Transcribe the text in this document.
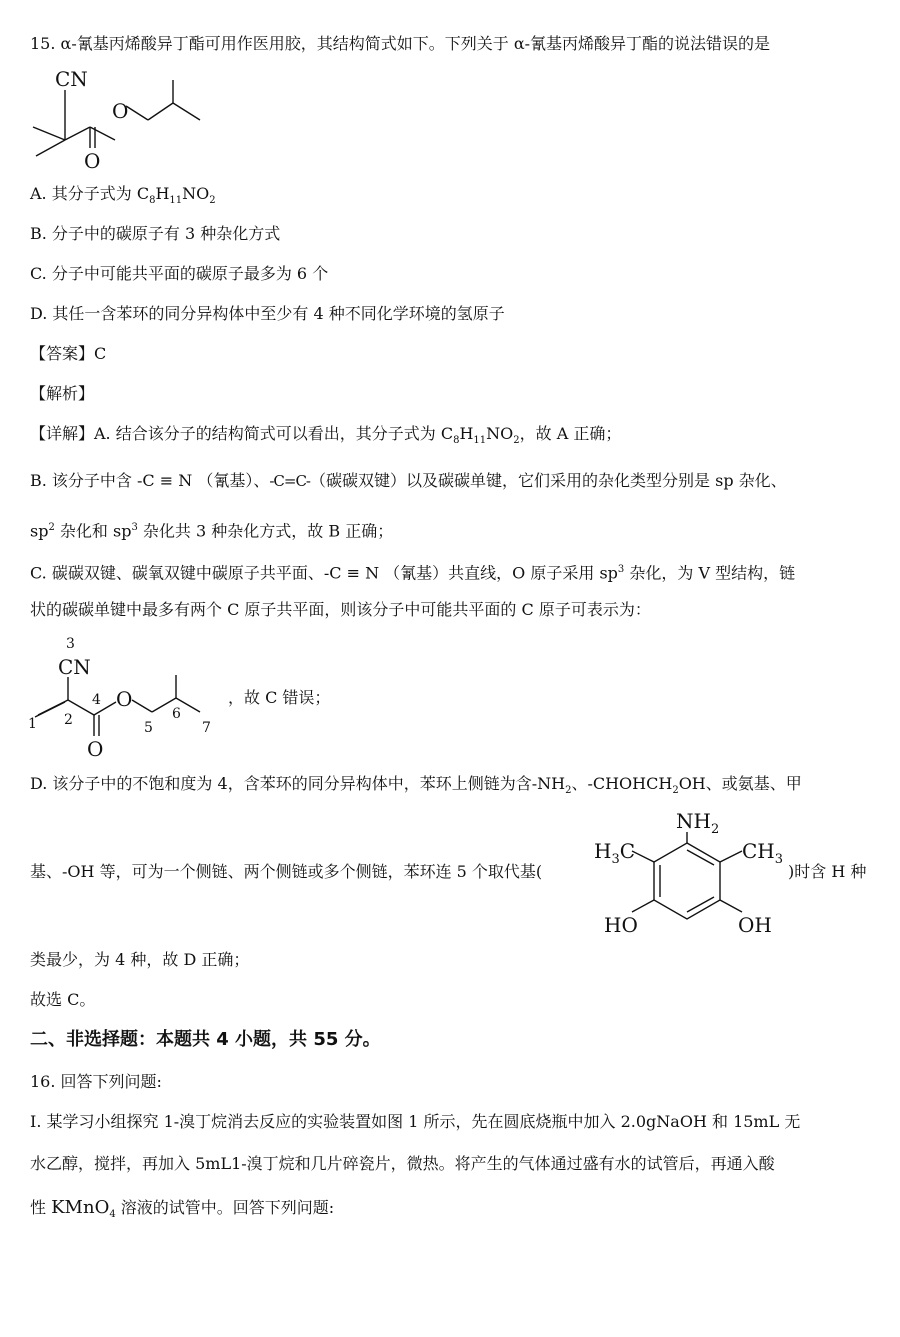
15. α-氰基丙烯酸异丁酯可用作医用胶，其结构简式如下。下列关于 α-氰基丙烯酸异丁酯的说法错误的是
CN
O
O
A. 其分子式为 $C_8H_{11}NO_2$
B. 分子中的碳原子有 3 种杂化方式
C. 分子中可能共平面的碳原子最多为 6 个
D. 其任一含苯环的同分异构体中至少有 4 种不同化学环境的氢原子
【答案】C
【解析】
【详解】A. 结合该分子的结构简式可以看出，其分子式为 $C_8H_{11}NO_2$，故 A 正确；
B. 该分子中含 -C ≡ N （氰基）、-C=C-（碳碳双键）以及碳碳单键，它们采用的杂化类型分别是 sp 杂化、
$sp^2$ 杂化和 $sp^3$ 杂化共 3 种杂化方式，故 B 正确；
C. 碳碳双键、碳氧双键中碳原子共平面、-C ≡ N （氰基）共直线，O 原子采用 $sp^3$ 杂化，为 V 型结构，链
状的碳碳单键中最多有两个 C 原子共平面，则该分子中可能共平面的 C 原子可表示为：
3
CN
4 O
6
1 2	5	7
O
，故 C 错误；
D. 该分子中的不饱和度为 4，含苯环的同分异构体中，苯环上侧链为含$-NH_2$、$-CHOHCH_2OH$、或氨基、甲
基、-OH 等，可为一个侧链、两个侧链或多个侧链，苯环连 5 个取代基(
$NH_2$
$H_3C$	$CH_3$
HO	OH
)时含 H 种
类最少，为 4 种，故 D 正确；
故选 C。
二、非选择题：本题共 4 小题，共 55 分。
16. 回答下列问题:
Ⅰ. 某学习小组探究 1-溴丁烷消去反应的实验装置如图 1 所示，先在圆底烧瓶中加入 2.0gNaOH 和 15mL 无
水乙醇，搅拌，再加入 5mL1-溴丁烷和几片碎瓷片，微热。将产生的气体通过盛有水的试管后，再通入酸
性 KMnO$_4$ 溶液的试管中。回答下列问题:
